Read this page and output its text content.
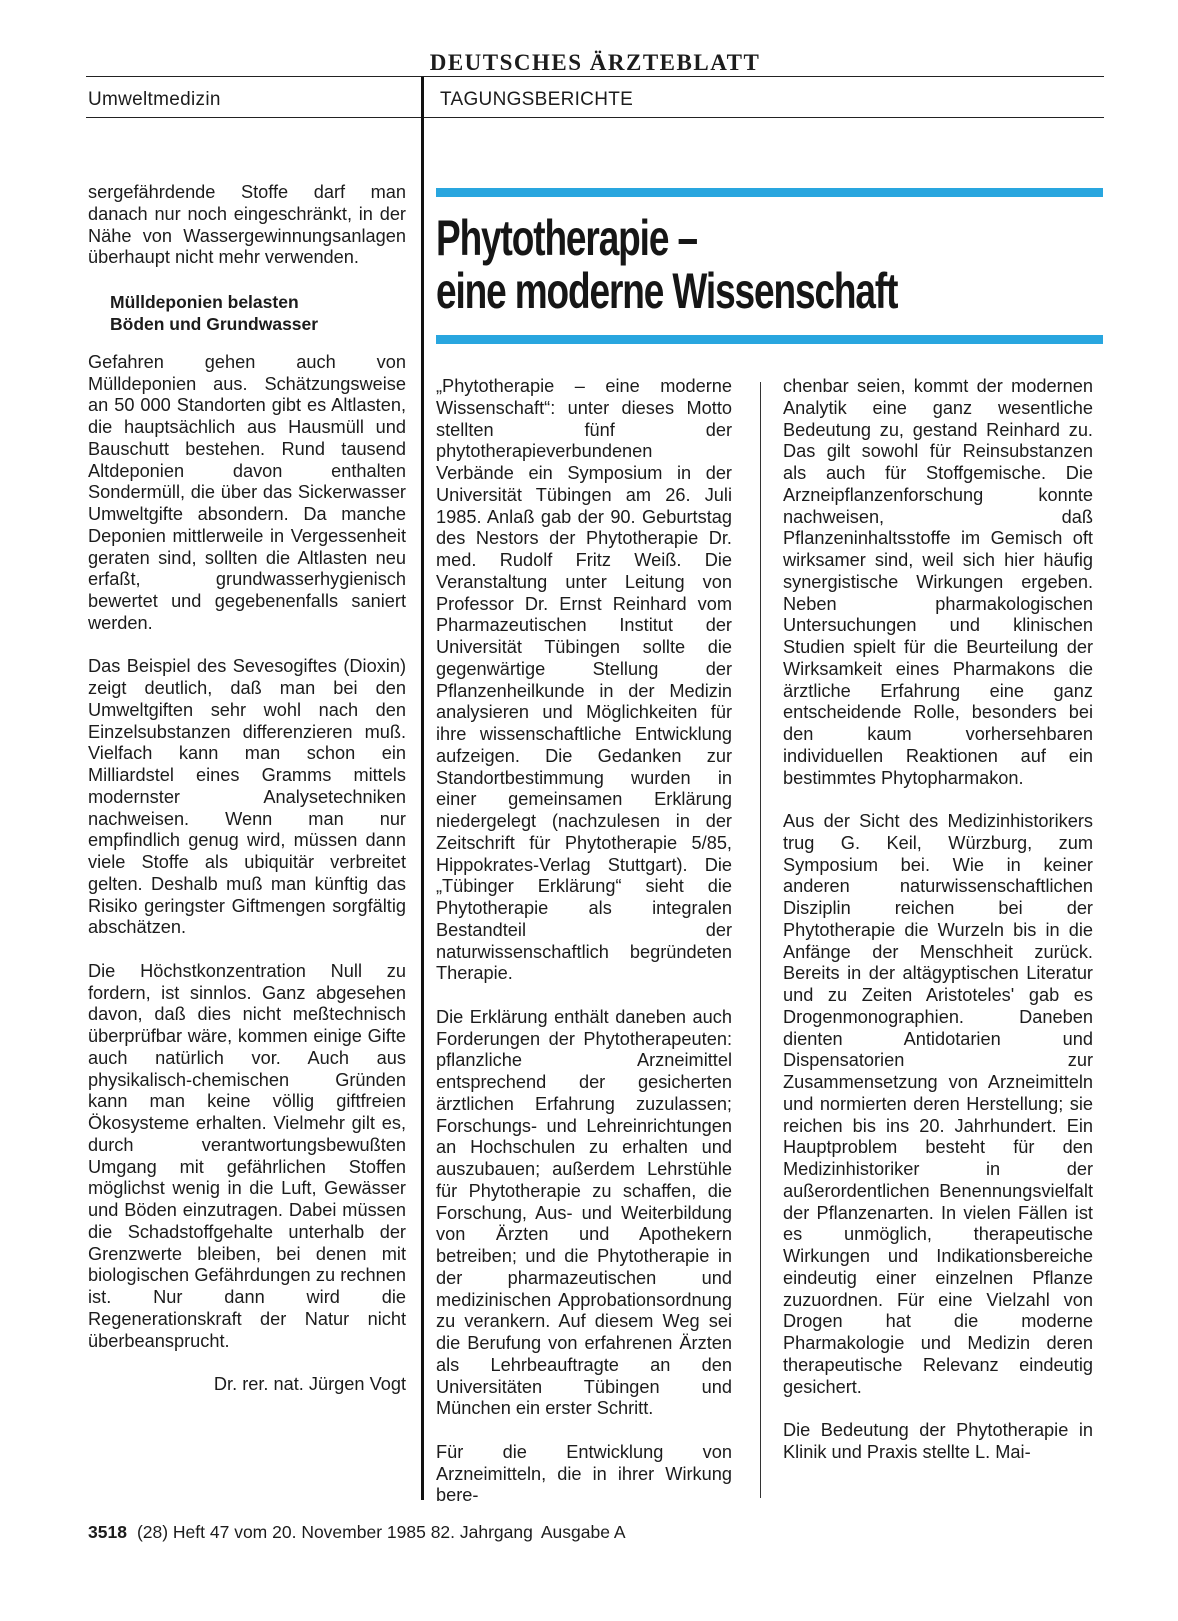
DEUTSCHES ÄRZTEBLATT
Umweltmedizin	TAGUNGSBERICHTE

sergefährdende Stoffe darf man danach nur noch eingeschränkt, in der Nähe von Wassergewinnungsanlagen überhaupt nicht mehr verwenden.

Mülldeponien belasten
Böden und Grundwasser

Gefahren gehen auch von Mülldeponien aus. Schätzungsweise an 50 000 Standorten gibt es Altlasten, die hauptsächlich aus Hausmüll und Bauschutt bestehen. Rund tausend Altdeponien davon enthalten Sondermüll, die über das Sickerwasser Umweltgifte absondern. Da manche Deponien mittlerweile in Vergessenheit geraten sind, sollten die Altlasten neu erfaßt, grundwasserhygienisch bewertet und gegebenenfalls saniert werden.

Das Beispiel des Sevesogiftes (Dioxin) zeigt deutlich, daß man bei den Umweltgiften sehr wohl nach den Einzelsubstanzen differenzieren muß. Vielfach kann man schon ein Milliardstel eines Gramms mittels modernster Analysetechniken nachweisen. Wenn man nur empfindlich genug wird, müssen dann viele Stoffe als ubiquitär verbreitet gelten. Deshalb muß man künftig das Risiko geringster Giftmengen sorgfältig abschätzen.

Die Höchstkonzentration Null zu fordern, ist sinnlos. Ganz abgesehen davon, daß dies nicht meßtechnisch überprüfbar wäre, kommen einige Gifte auch natürlich vor. Auch aus physikalisch-chemischen Gründen kann man keine völlig giftfreien Ökosysteme erhalten. Vielmehr gilt es, durch verantwortungsbewußten Umgang mit gefährlichen Stoffen möglichst wenig in die Luft, Gewässer und Böden einzutragen. Dabei müssen die Schadstoffgehalte unterhalb der Grenzwerte bleiben, bei denen mit biologischen Gefährdungen zu rechnen ist. Nur dann wird die Regenerationskraft der Natur nicht überbeansprucht.

Dr. rer. nat. Jürgen Vogt

Phytotherapie –
eine moderne Wissenschaft

„Phytotherapie – eine moderne Wissenschaft“: unter dieses Motto stellten fünf der phytotherapieverbundenen Verbände ein Symposium in der Universität Tübingen am 26. Juli 1985. Anlaß gab der 90. Geburtstag des Nestors der Phytotherapie Dr. med. Rudolf Fritz Weiß. Die Veranstaltung unter Leitung von Professor Dr. Ernst Reinhard vom Pharmazeutischen Institut der Universität Tübingen sollte die gegenwärtige Stellung der Pflanzenheilkunde in der Medizin analysieren und Möglichkeiten für ihre wissenschaftliche Entwicklung aufzeigen. Die Gedanken zur Standortbestimmung wurden in einer gemeinsamen Erklärung niedergelegt (nachzulesen in der Zeitschrift für Phytotherapie 5/85, Hippokrates-Verlag Stuttgart). Die „Tübinger Erklärung“ sieht die Phytotherapie als integralen Bestandteil der naturwissenschaftlich begründeten Therapie.

Die Erklärung enthält daneben auch Forderungen der Phytotherapeuten: pflanzliche Arzneimittel entsprechend der gesicherten ärztlichen Erfahrung zuzulassen; Forschungs- und Lehreinrichtungen an Hochschulen zu erhalten und auszubauen; außerdem Lehrstühle für Phytotherapie zu schaffen, die Forschung, Aus- und Weiterbildung von Ärzten und Apothekern betreiben; und die Phytotherapie in der pharmazeutischen und medizinischen Approbationsordnung zu verankern. Auf diesem Weg sei die Berufung von erfahrenen Ärzten als Lehrbeauftragte an den Universitäten Tübingen und München ein erster Schritt.

Für die Entwicklung von Arzneimitteln, die in ihrer Wirkung bere-

chenbar seien, kommt der modernen Analytik eine ganz wesentliche Bedeutung zu, gestand Reinhard zu. Das gilt sowohl für Reinsubstanzen als auch für Stoffgemische. Die Arzneipflanzenforschung konnte nachweisen, daß Pflanzeninhaltsstoffe im Gemisch oft wirksamer sind, weil sich hier häufig synergistische Wirkungen ergeben. Neben pharmakologischen Untersuchungen und klinischen Studien spielt für die Beurteilung der Wirksamkeit eines Pharmakons die ärztliche Erfahrung eine ganz entscheidende Rolle, besonders bei den kaum vorhersehbaren individuellen Reaktionen auf ein bestimmtes Phytopharmakon.

Aus der Sicht des Medizinhistorikers trug G. Keil, Würzburg, zum Symposium bei. Wie in keiner anderen naturwissenschaftlichen Disziplin reichen bei der Phytotherapie die Wurzeln bis in die Anfänge der Menschheit zurück. Bereits in der altägyptischen Literatur und zu Zeiten Aristoteles' gab es Drogenmonographien. Daneben dienten Antidotarien und Dispensatorien zur Zusammensetzung von Arzneimitteln und normierten deren Herstellung; sie reichen bis ins 20. Jahrhundert. Ein Hauptproblem besteht für den Medizinhistoriker in der außerordentlichen Benennungsvielfalt der Pflanzenarten. In vielen Fällen ist es unmöglich, therapeutische Wirkungen und Indikationsbereiche eindeutig einer einzelnen Pflanze zuzuordnen. Für eine Vielzahl von Drogen hat die moderne Pharmakologie und Medizin deren therapeutische Relevanz eindeutig gesichert.

Die Bedeutung der Phytotherapie in Klinik und Praxis stellte L. Mai-

3518 (28) Heft 47 vom 20. November 1985 82. Jahrgang Ausgabe A
